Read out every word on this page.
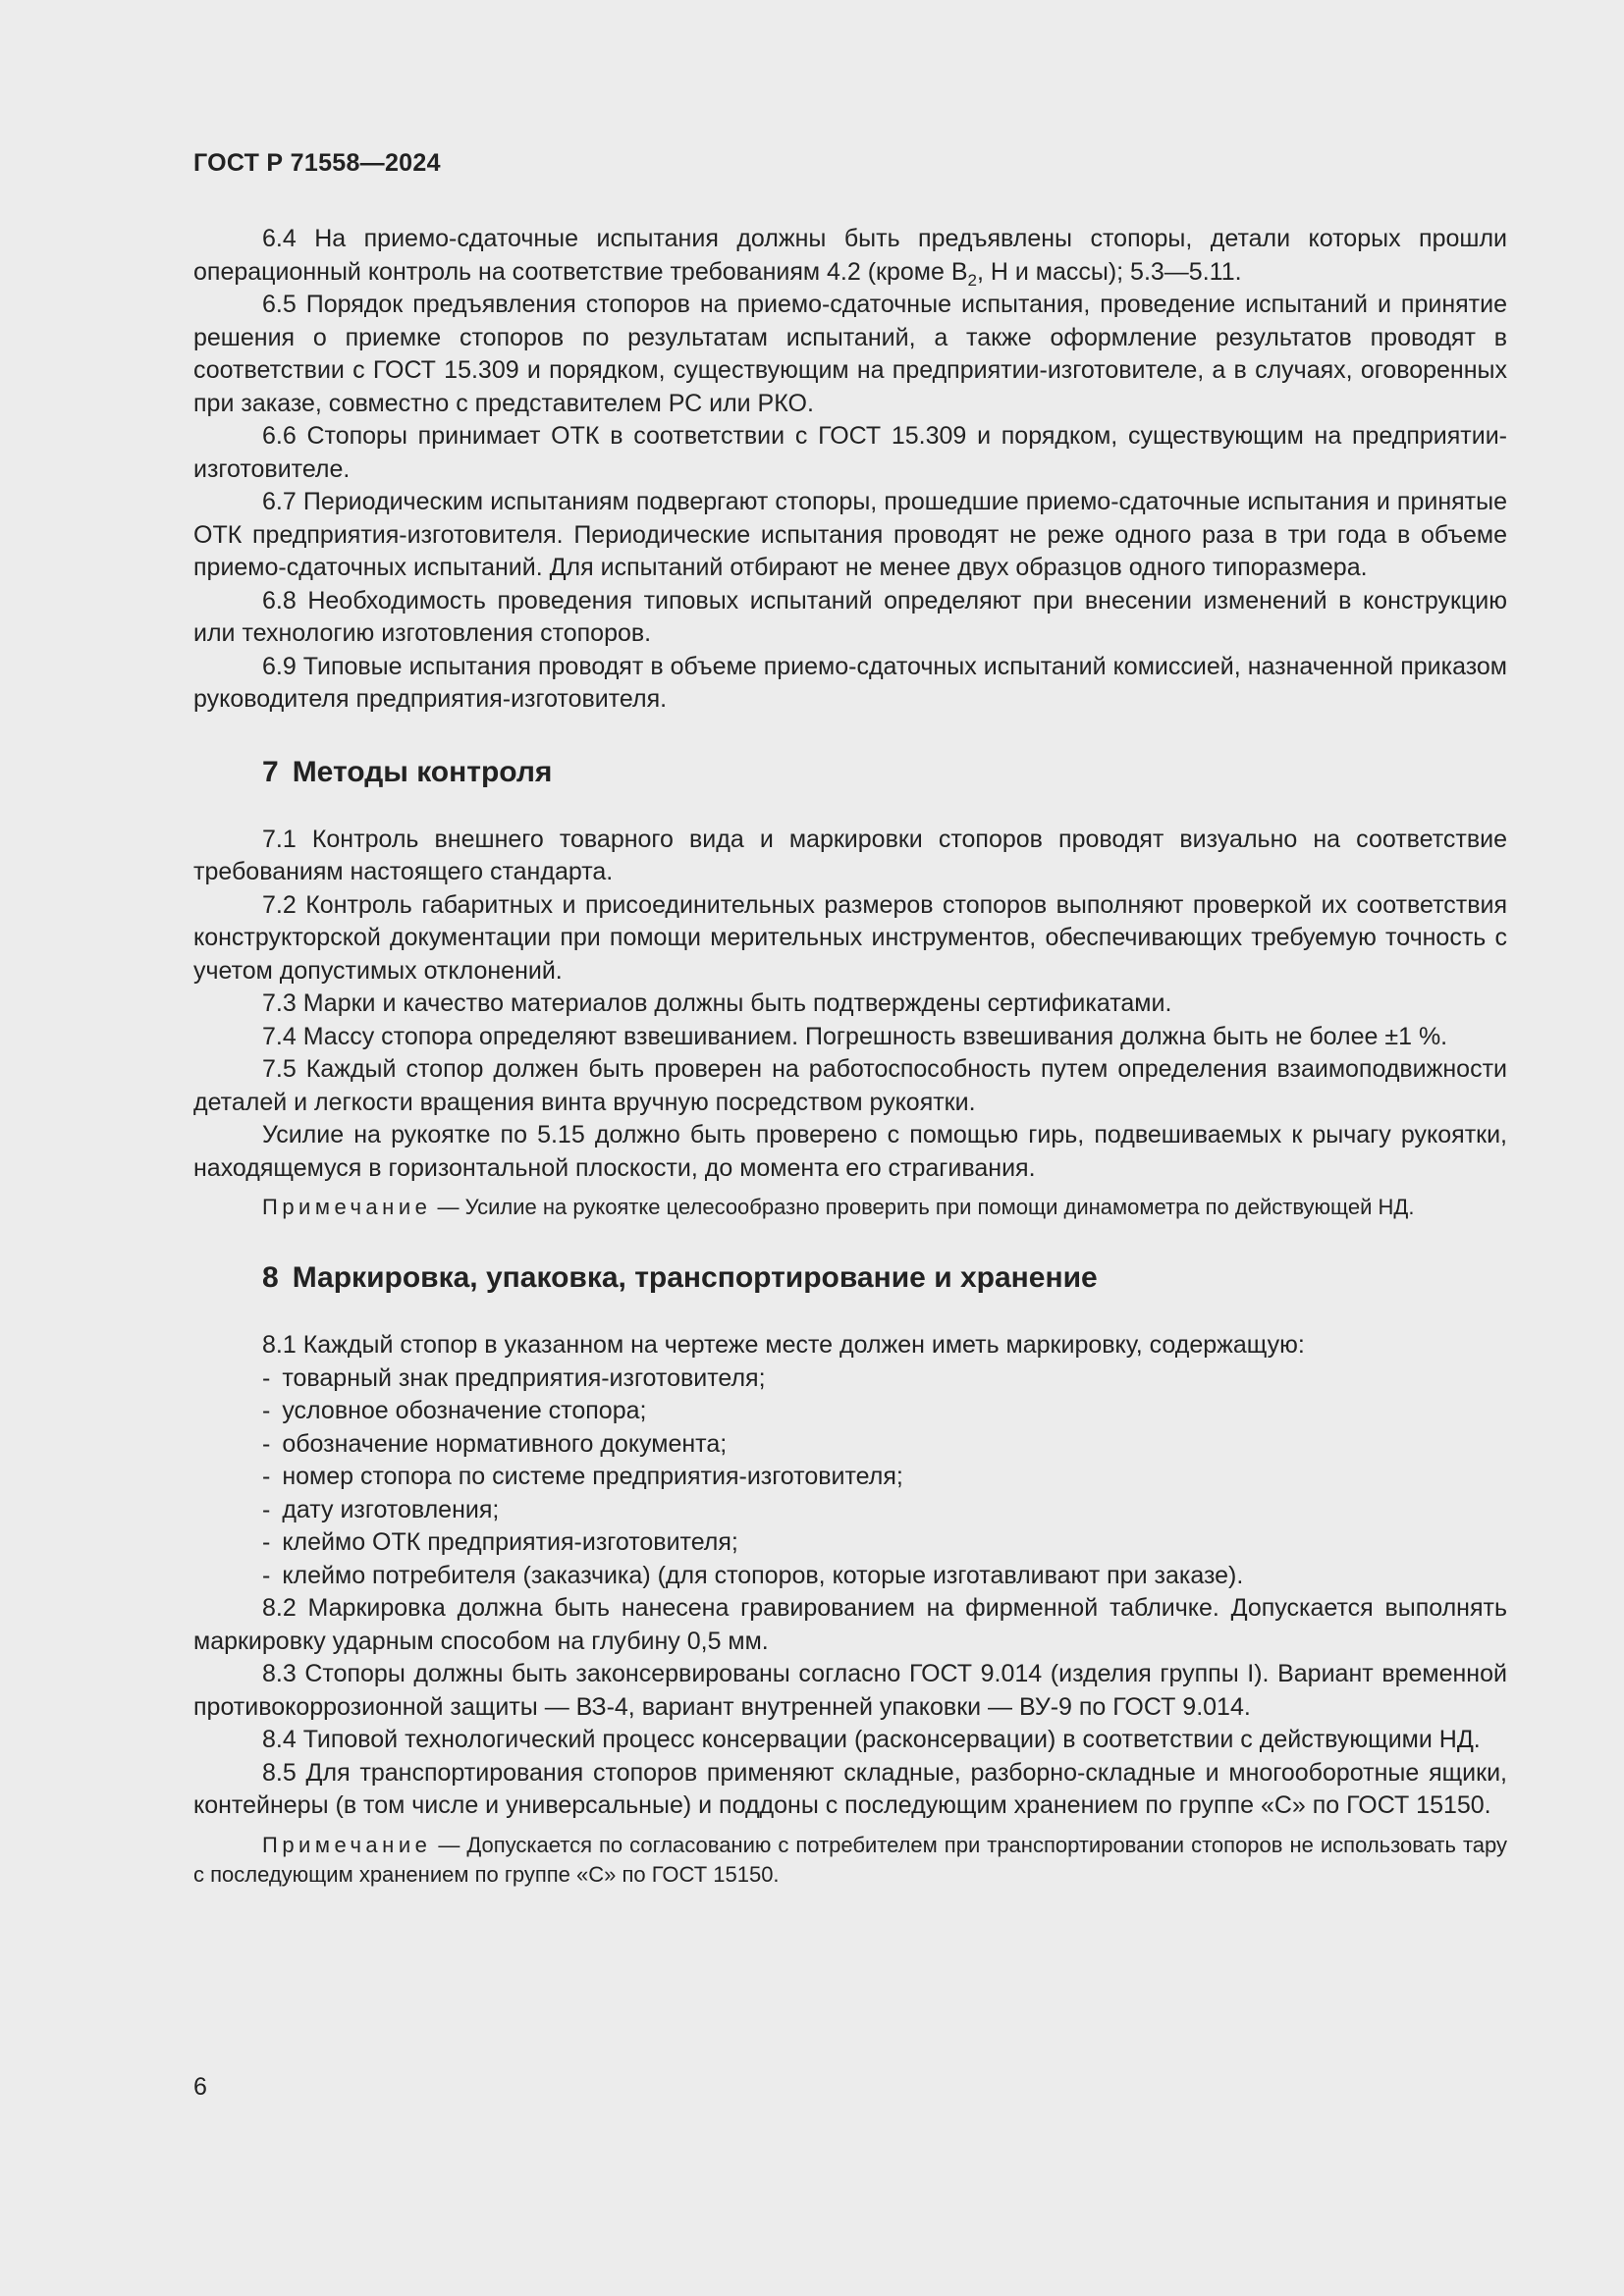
ГОСТ Р 71558—2024

6.4 На приемо-сдаточные испытания должны быть предъявлены стопоры, детали которых прошли операционный контроль на соответствие требованиям 4.2 (кроме $В_2$, Н и массы); 5.3—5.11.

6.5 Порядок предъявления стопоров на приемо-сдаточные испытания, проведение испытаний и принятие решения о приемке стопоров по результатам испытаний, а также оформление результатов проводят в соответствии с ГОСТ 15.309 и порядком, существующим на предприятии-изготовителе, а в случаях, оговоренных при заказе, совместно с представителем РС или РКО.

6.6 Стопоры принимает ОТК в соответствии с ГОСТ 15.309 и порядком, существующим на предприятии-изготовителе.

6.7 Периодическим испытаниям подвергают стопоры, прошедшие приемо-сдаточные испытания и принятые ОТК предприятия-изготовителя. Периодические испытания проводят не реже одного раза в три года в объеме приемо-сдаточных испытаний. Для испытаний отбирают не менее двух образцов одного типоразмера.

6.8 Необходимость проведения типовых испытаний определяют при внесении изменений в конструкцию или технологию изготовления стопоров.

6.9 Типовые испытания проводят в объеме приемо-сдаточных испытаний комиссией, назначенной приказом руководителя предприятия-изготовителя.

7 Методы контроля

7.1 Контроль внешнего товарного вида и маркировки стопоров проводят визуально на соответствие требованиям настоящего стандарта.

7.2 Контроль габаритных и присоединительных размеров стопоров выполняют проверкой их соответствия конструкторской документации при помощи мерительных инструментов, обеспечивающих требуемую точность с учетом допустимых отклонений.

7.3 Марки и качество материалов должны быть подтверждены сертификатами.

7.4 Массу стопора определяют взвешиванием. Погрешность взвешивания должна быть не более ±1 %.

7.5 Каждый стопор должен быть проверен на работоспособность путем определения взаимоподвижности деталей и легкости вращения винта вручную посредством рукоятки.

Усилие на рукоятке по 5.15 должно быть проверено с помощью гирь, подвешиваемых к рычагу рукоятки, находящемуся в горизонтальной плоскости, до момента его страгивания.

Примечание — Усилие на рукоятке целесообразно проверить при помощи динамометра по действующей НД.

8 Маркировка, упаковка, транспортирование и хранение

8.1 Каждый стопор в указанном на чертеже месте должен иметь маркировку, содержащую:

- товарный знак предприятия-изготовителя;
- условное обозначение стопора;
- обозначение нормативного документа;
- номер стопора по системе предприятия-изготовителя;
- дату изготовления;
- клеймо ОТК предприятия-изготовителя;
- клеймо потребителя (заказчика) (для стопоров, которые изготавливают при заказе).

8.2 Маркировка должна быть нанесена гравированием на фирменной табличке. Допускается выполнять маркировку ударным способом на глубину 0,5 мм.

8.3 Стопоры должны быть законсервированы согласно ГОСТ 9.014 (изделия группы I). Вариант временной противокоррозионной защиты — ВЗ-4, вариант внутренней упаковки — ВУ-9 по ГОСТ 9.014.

8.4 Типовой технологический процесс консервации (расконсервации) в соответствии с действующими НД.

8.5 Для транспортирования стопоров применяют складные, разборно-складные и многооборотные ящики, контейнеры (в том числе и универсальные) и поддоны с последующим хранением по группе «С» по ГОСТ 15150.

Примечание — Допускается по согласованию с потребителем при транспортировании стопоров не использовать тару с последующим хранением по группе «С» по ГОСТ 15150.

6
